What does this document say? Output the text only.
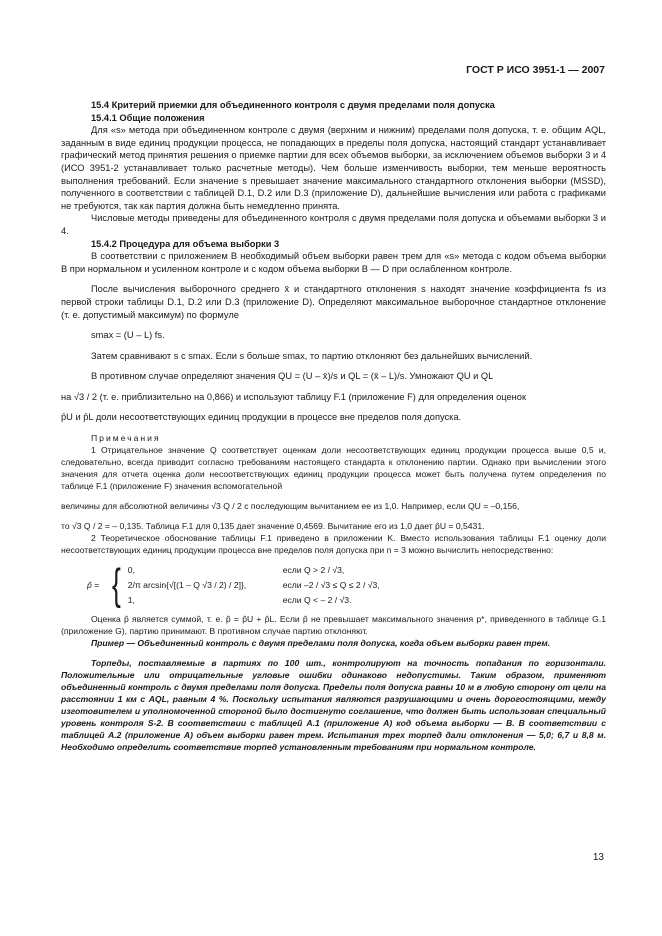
ГОСТ Р ИСО 3951-1 — 2007

15.4 Критерий приемки для объединенного контроля с двумя пределами поля допуска

15.4.1 Общие положения

Для «s» метода при объединенном контроле с двумя (верхним и нижним) пределами поля допуска, т. е. общим AQL, заданным в виде единиц продукции процесса, не попадающих в пределы поля допуска, настоящий стандарт устанавливает графический метод принятия решения о приемке партии для всех объемов выборки, за исключением объемов выборки 3 и 4 (ИСО 3951-2 устанавливает только расчетные методы). Чем больше изменчивость выборки, тем меньше вероятность выполнения требований. Если значение s превышает значение максимального стандартного отклонения выборки (MSSD), полученного в соответствии с таблицей D.1, D.2 или D.3 (приложение D), дальнейшие вычисления или работа с графиками не требуются, так как партия должна быть немедленно принята.

Числовые методы приведены для объединенного контроля с двумя пределами поля допуска и объемами выборки 3 и 4.

15.4.2 Процедура для объема выборки 3

В соответствии с приложением В необходимый объем выборки равен трем для «s» метода с кодом объема выборки В при нормальном и усиленном контроле и с кодом объема выборки В — D при ослабленном контроле.

После вычисления выборочного среднего x̄ и стандартного отклонения s находят значение коэффициента fs из первой строки таблицы D.1, D.2 или D.3 (приложение D). Определяют максимальное выборочное стандартное отклонение (т. е. допустимый максимум) по формуле

smax = (U – L) fs.

Затем сравнивают s с smax. Если s больше smax, то партию отклоняют без дальнейших вычислений.

В противном случае определяют значения QU = (U – x̄)/s и QL = (x̄ – L)/s. Умножают QU и QL

на √3 / 2 (т. е. приблизительно на 0,866) и используют таблицу F.1 (приложение F) для определения оценок

p̂U и p̂L доли несоответствующих единиц продукции в процессе вне пределов поля допуска.

Примечания

1 Отрицательное значение Q соответствует оценкам доли несоответствующих единиц продукции процесса выше 0,5 и, следовательно, всегда приводит согласно требованиям настоящего стандарта к отклонению партии. Однако при вычислении этого значения для отчета оценка доли несоответствующих единиц продукции процесса может быть получена путем определения по таблице F.1 (приложение F) значения вспомогательной

величины для абсолютной величины √3 Q / 2 с последующим вычитанием ее из 1,0. Например, если QU = –0,156,

то √3 Q / 2 = – 0,135. Таблица F.1 для 0,135 дает значение 0,4569. Вычитание его из 1,0 дает p̂U = 0,5431.

2 Теоретическое обоснование таблицы F.1 приведено в приложении K. Вместо использования таблицы F.1 оценку доли несоответствующих единиц продукции процесса вне пределов поля допуска при n = 3 можно вычислить непосредственно:

p̂ = { 0,	если Q > 2 / √3,
2/π arcsin{√[(1 – Q √3 / 2) / 2]},	если –2 / √3 ≤ Q ≤ 2 / √3,
1,	если Q < – 2 / √3.

Оценка p̂ является суммой, т. е. p̂ = p̂U + p̂L. Если p̂ не превышает максимального значения p*, приведенного в таблице G.1 (приложение G), партию принимают. В противном случае партию отклоняют.

Пример — Объединенный контроль с двумя пределами поля допуска, когда объем выборки равен трем.

Торпеды, поставляемые в партиях по 100 шт., контролируют на точность попадания по горизонтали. Положительные или отрицательные угловые ошибки одинаково недопустимы. Таким образом, применяют объединенный контроль с двумя пределами поля допуска. Пределы поля допуска равны 10 м в любую сторону от цели на расстоянии 1 км с AQL, равным 4 %. Поскольку испытания являются разрушающими и очень дорогостоящими, между изготовителем и уполномоченной стороной было достигнуто соглашение, что должен быть использован специальный уровень контроля S-2. В соответствии с таблицей А.1 (приложение А) код объема выборки — В. В соответствии с таблицей А.2 (приложение А) объем выборки равен трем. Испытания трех торпед дали отклонения — 5,0; 6,7 и 8,8 м. Необходимо определить соответствие торпед установленным требованиям при нормальном контроле.

13
